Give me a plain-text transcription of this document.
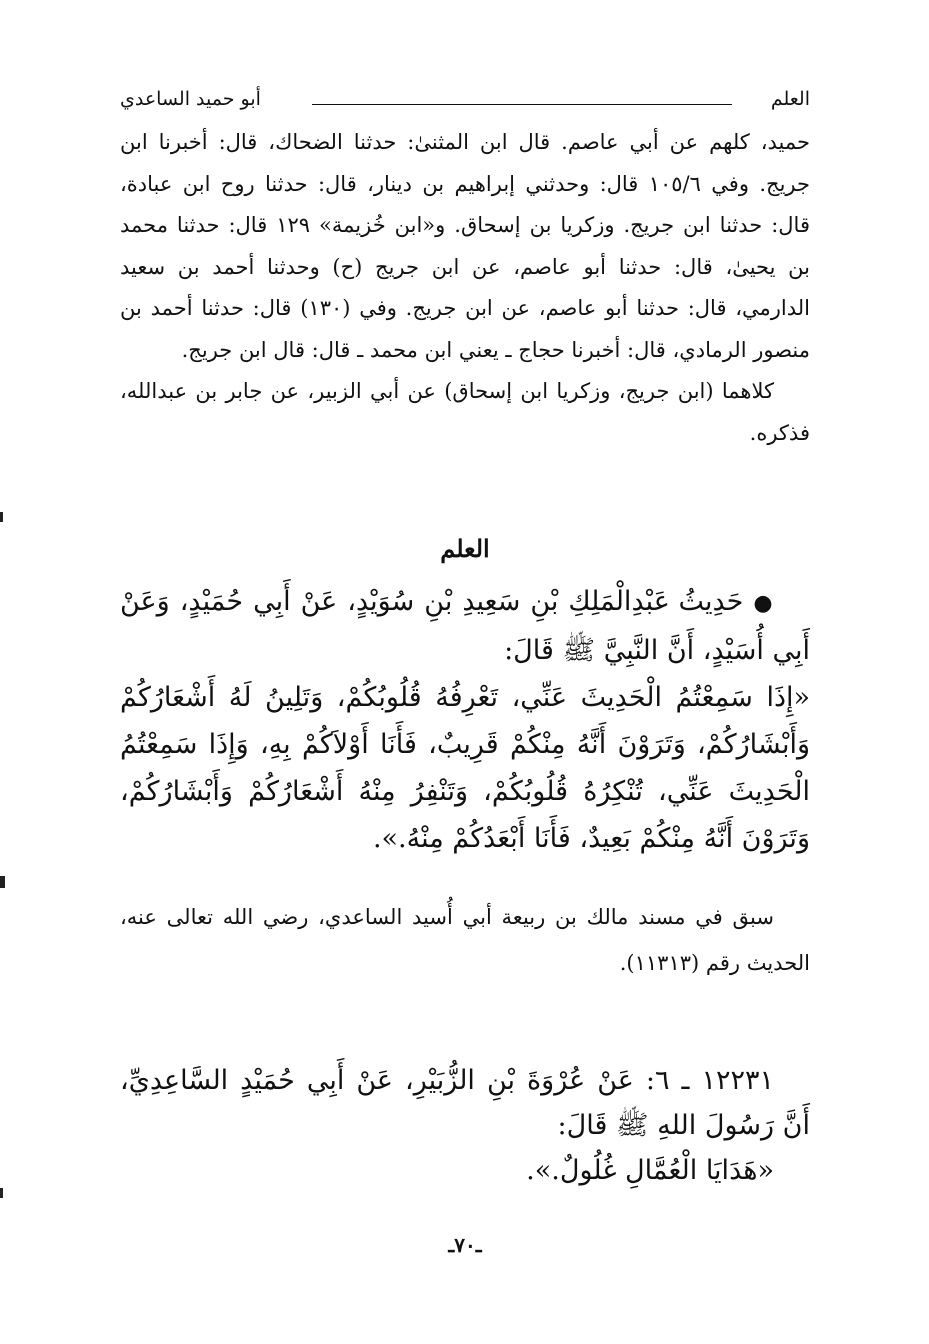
العلم
أبو حميد الساعدي

حميد، كلهم عن أبي عاصم. قال ابن المثنىٰ: حدثنا الضحاك، قال: أخبرنا ابن جريج. وفي ١٠٥/٦ قال: وحدثني إبراهيم بن دينار، قال: حدثنا روح ابن عبادة، قال: حدثنا ابن جريج. وزكريا بن إسحاق. و«ابن خُزيمة» ١٢٩ قال: حدثنا محمد بن يحيىٰ، قال: حدثنا أبو عاصم، عن ابن جريج (ح) وحدثنا أحمد بن سعيد الدارمي، قال: حدثنا أبو عاصم، عن ابن جريج. وفي (١٣٠) قال: حدثنا أحمد بن منصور الرمادي، قال: أخبرنا حجاج ـ يعني ابن محمد ـ قال: قال ابن جريج.

كلاهما (ابن جريج، وزكريا ابن إسحاق) عن أبي الزبير، عن جابر بن عبدالله، فذكره.

العلم

● حَدِيثُ عَبْدِالْمَلِكِ بْنِ سَعِيدِ بْنِ سُوَيْدٍ، عَنْ أَبِي حُمَيْدٍ، وَعَنْ أَبِي أُسَيْدٍ، أَنَّ النَّبِيَّ ﷺ قَالَ:

«إِذَا سَمِعْتُمُ الْحَدِيثَ عَنِّي، تَعْرِفُهُ قُلُوبُكُمْ، وَتَلِينُ لَهُ أَشْعَارُكُمْ وَأَبْشَارُكُمْ، وَتَرَوْنَ أَنَّهُ مِنْكُمْ قَرِيبٌ، فَأَنَا أَوْلاَكُمْ بِهِ، وَإِذَا سَمِعْتُمُ الْحَدِيثَ عَنِّي، تُنْكِرُهُ قُلُوبُكُمْ، وَتَنْفِرُ مِنْهُ أَشْعَارُكُمْ وَأَبْشَارُكُمْ، وَتَرَوْنَ أَنَّهُ مِنْكُمْ بَعِيدٌ، فَأَنَا أَبْعَدُكُمْ مِنْهُ.».

سبق في مسند مالك بن ربيعة أبي أُسيد الساعدي، رضي الله تعالى عنه، الحديث رقم (١١٣١٣).

١٢٢٣١ ـ ٦: عَنْ عُرْوَةَ بْنِ الزُّبَيْرِ، عَنْ أَبِي حُمَيْدٍ السَّاعِدِيِّ، أَنَّ رَسُولَ اللهِ ﷺ قَالَ:

«هَدَايَا الْعُمَّالِ غُلُولٌ.».

ـ٧٠ـ
